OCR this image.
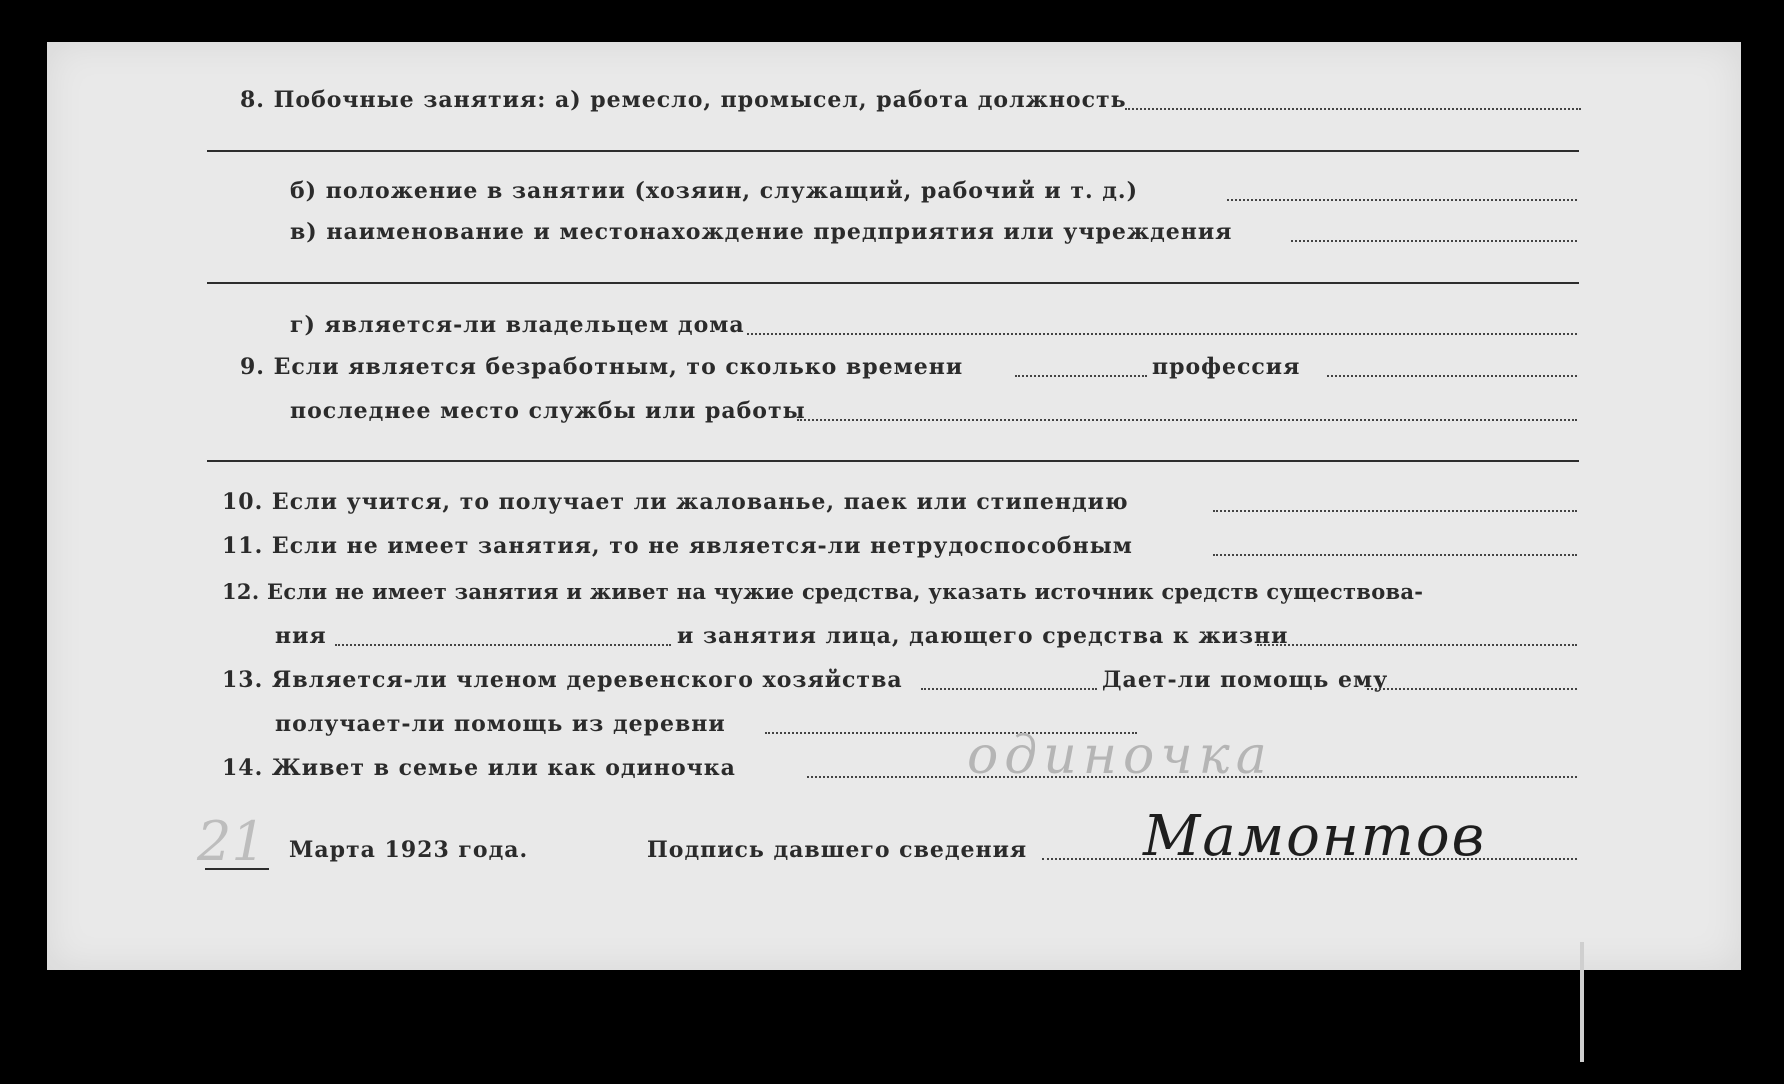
8. Побочные занятия: а) ремесло, промысел, работа должность
б) положение в занятии (хозяин, служащий, рабочий и т. д.)
в) наименование и местонахождение предприятия или учреждения
г) является-ли владельцем дома
9. Если является безработным, то сколько времени	профессия
последнее место службы или работы
10. Если учится, то получает ли жалованье, паек или стипендию
11. Если не имеет занятия, то не является-ли нетрудоспособным
12. Если не имеет занятия и живет на чужие средства, указать источник средств существова-
ния	и занятия лица, дающего средства к жизни
13. Является-ли членом деревенского хозяйства	Дает-ли помощь ему
получает-ли помощь из деревни
14. Живет в семье или как одиночка	одиночка
21 Марта 1923 года.	Подпись давшего сведения Мамонтов
